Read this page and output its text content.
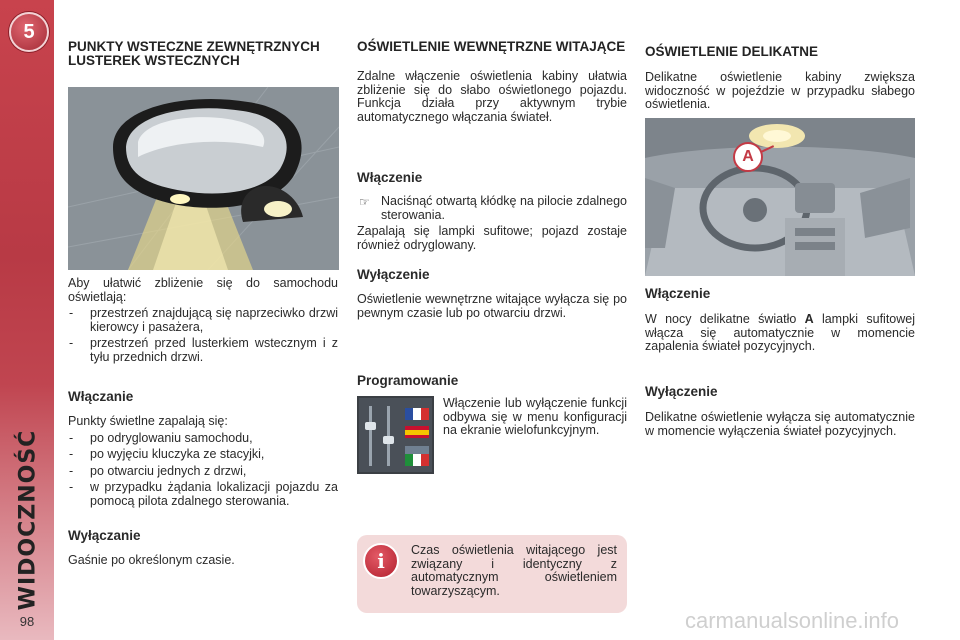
5
WIDOCZNOŚĆ
98
PUNKTY WSTECZNE ZEWNĘTRZNYCH LUSTEREK WSTECZNYCH

Aby ułatwić zbliżenie się do samochodu oświetlają:

- przestrzeń znajdującą się naprzeciwko drzwi kierowcy i pasażera,
- przestrzeń przed lusterkiem wstecznym i z tyłu przednich drzwi.
Włączanie

Punkty świetlne zapalają się:

- po odryglowaniu samochodu,
- po wyjęciu kluczyka ze stacyjki,
- po otwarciu jednych z drzwi,
- w przypadku żądania lokalizacji pojazdu za pomocą pilota zdalnego sterowania.
Wyłączanie

Gaśnie po określonym czasie.

OŚWIETLENIE WEWNĘTRZNE WITAJĄCE

Zdalne włączenie oświetlenia kabiny ułatwia zbliżenie się do słabo oświetlonego pojazdu. Funkcja działa przy aktywnym trybie automatycznego włączania świateł.

Włączenie
☞ Naciśnąć otwartą kłódkę na pilocie zdalnego sterowania.

Zapalają się lampki sufitowe; pojazd zostaje również odryglowany.

Wyłączenie

Oświetlenie wewnętrzne witające wyłącza się po pewnym czasie lub po otwarciu drzwi.

Programowanie

Włączenie lub wyłączenie funkcji odbywa się w menu konfiguracji na ekranie wielofunkcyjnym.

i	Czas oświetlenia witającego jest związany i identyczny z automatycznym oświetleniem towarzyszącym.

OŚWIETLENIE DELIKATNE

Delikatne oświetlenie kabiny zwiększa widoczność w pojeździe w przypadku słabego oświetlenia.

A
Włączenie

W nocy delikatne światło A lampki sufitowej włącza się automatycznie w momencie zapalenia świateł pozycyjnych.

Wyłączenie

Delikatne oświetlenie wyłącza się automatycznie w momencie wyłączenia świateł pozycyjnych.

carmanualsonline.info
